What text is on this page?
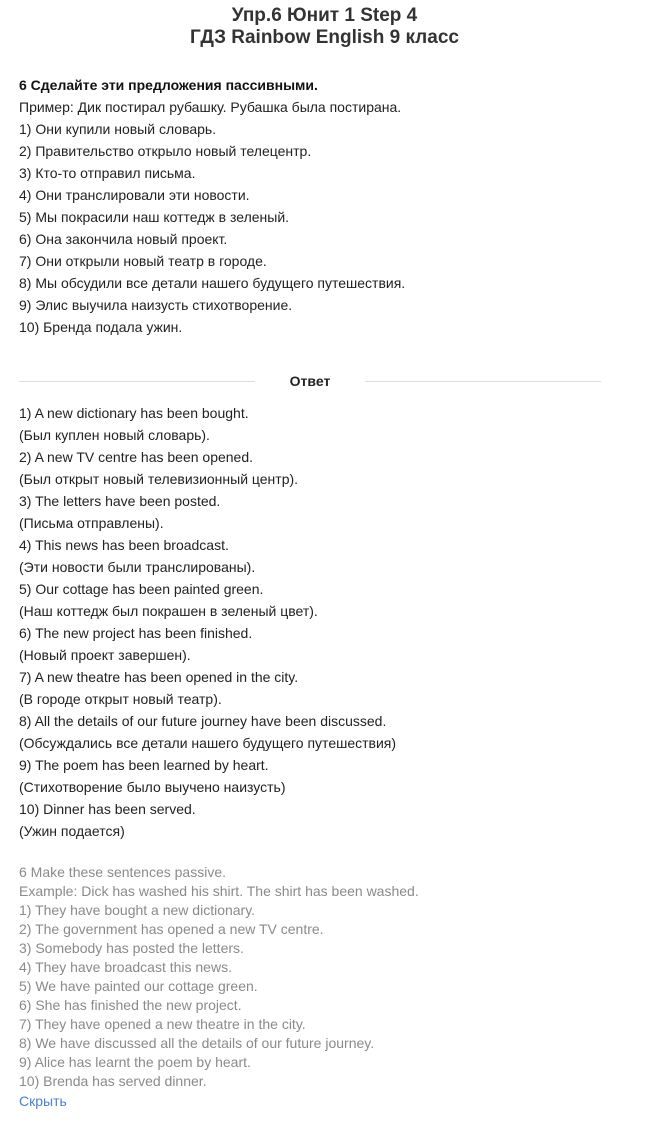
Упр.6 Юнит 1 Step 4
ГДЗ Rainbow English 9 класс
6 Сделайте эти предложения пассивными.
Пример: Дик постирал рубашку. Рубашка была постирана.
1) Они купили новый словарь.
2) Правительство открыло новый телецентр.
3) Кто-то отправил письма.
4) Они транслировали эти новости.
5) Мы покрасили наш коттедж в зеленый.
6) Она закончила новый проект.
7) Они открыли новый театр в городе.
8) Мы обсудили все детали нашего будущего путешествия.
9) Элис выучила наизусть стихотворение.
10) Бренда подала ужин.
Ответ
1) A new dictionary has been bought.
(Был куплен новый словарь).
2) A new TV centre has been opened.
(Был открыт новый телевизионный центр).
3) The letters have been posted.
(Письма отправлены).
4) This news has been broadcast.
(Эти новости были транслированы).
5) Our cottage has been painted green.
(Наш коттедж был покрашен в зеленый цвет).
6) The new project has been finished.
(Новый проект завершен).
7) A new theatre has been opened in the city.
(В городе открыт новый театр).
8) All the details of our future journey have been discussed.
(Обсуждались все детали нашего будущего путешествия)
9) The poem has been learned by heart.
(Стихотворение было выучено наизусть)
10) Dinner has been served.
(Ужин подается)
6 Make these sentences passive.
Example: Dick has washed his shirt. The shirt has been washed.
1) They have bought a new dictionary.
2) The government has opened a new TV centre.
3) Somebody has posted the letters.
4) They have broadcast this news.
5) We have painted our cottage green.
6) She has finished the new project.
7) They have opened a new theatre in the city.
8) We have discussed all the details of our future journey.
9) Alice has learnt the poem by heart.
10) Brenda has served dinner.
Скрыть
